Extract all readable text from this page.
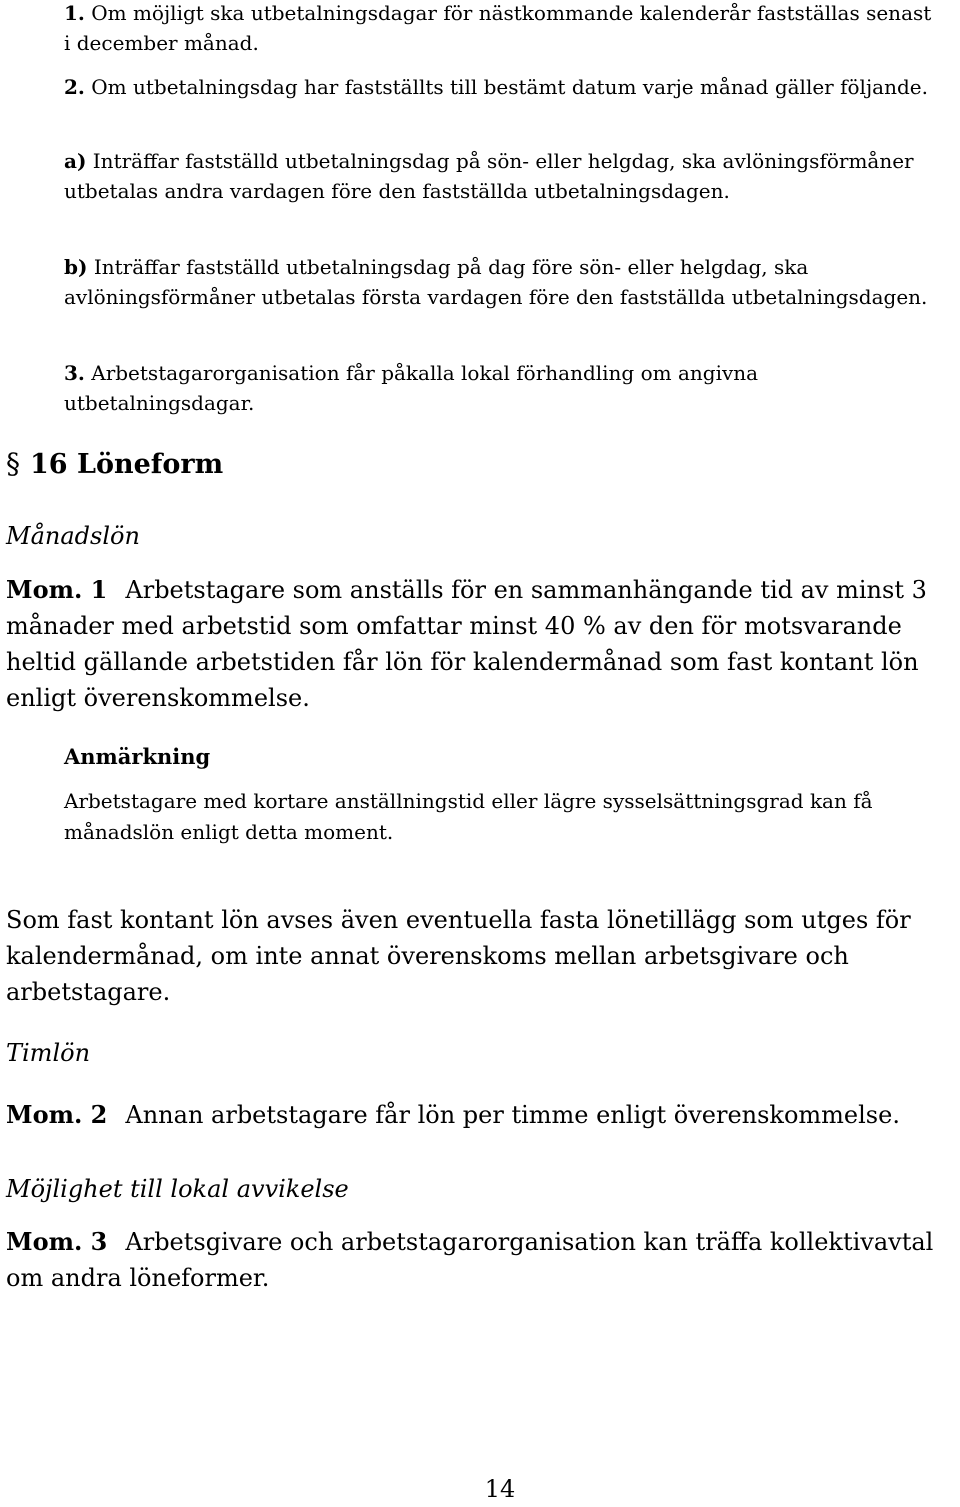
1. Om möjligt ska utbetalningsdagar för nästkommande kalenderår fastställas senast i december månad.

2. Om utbetalningsdag har fastställts till bestämt datum varje månad gäller följande.

a) Inträffar fastställd utbetalningsdag på sön- eller helgdag, ska avlöningsförmåner utbetalas andra vardagen före den fastställda utbetalningsdagen.

b) Inträffar fastställd utbetalningsdag på dag före sön- eller helgdag, ska avlöningsförmåner utbetalas första vardagen före den fastställda utbetalningsdagen.

3. Arbetstagarorganisation får påkalla lokal förhandling om angivna utbetalningsdagar.

§ 16 Löneform
Månadslön

Mom. 1 Arbetstagare som anställs för en sammanhängande tid av minst 3 månader med arbetstid som omfattar minst 40 % av den för motsvarande heltid gällande arbetstiden får lön för kalendermånad som fast kontant lön enligt överenskommelse.

Anmärkning

Arbetstagare med kortare anställningstid eller lägre sysselsättningsgrad kan få månadslön enligt detta moment.

Som fast kontant lön avses även eventuella fasta lönetillägg som utges för kalendermånad, om inte annat överenskoms mellan arbetsgivare och arbetstagare.

Timlön

Mom. 2 Annan arbetstagare får lön per timme enligt överenskommelse.

Möjlighet till lokal avvikelse

Mom. 3 Arbetsgivare och arbetstagarorganisation kan träffa kollektivavtal om andra löneformer.

14
